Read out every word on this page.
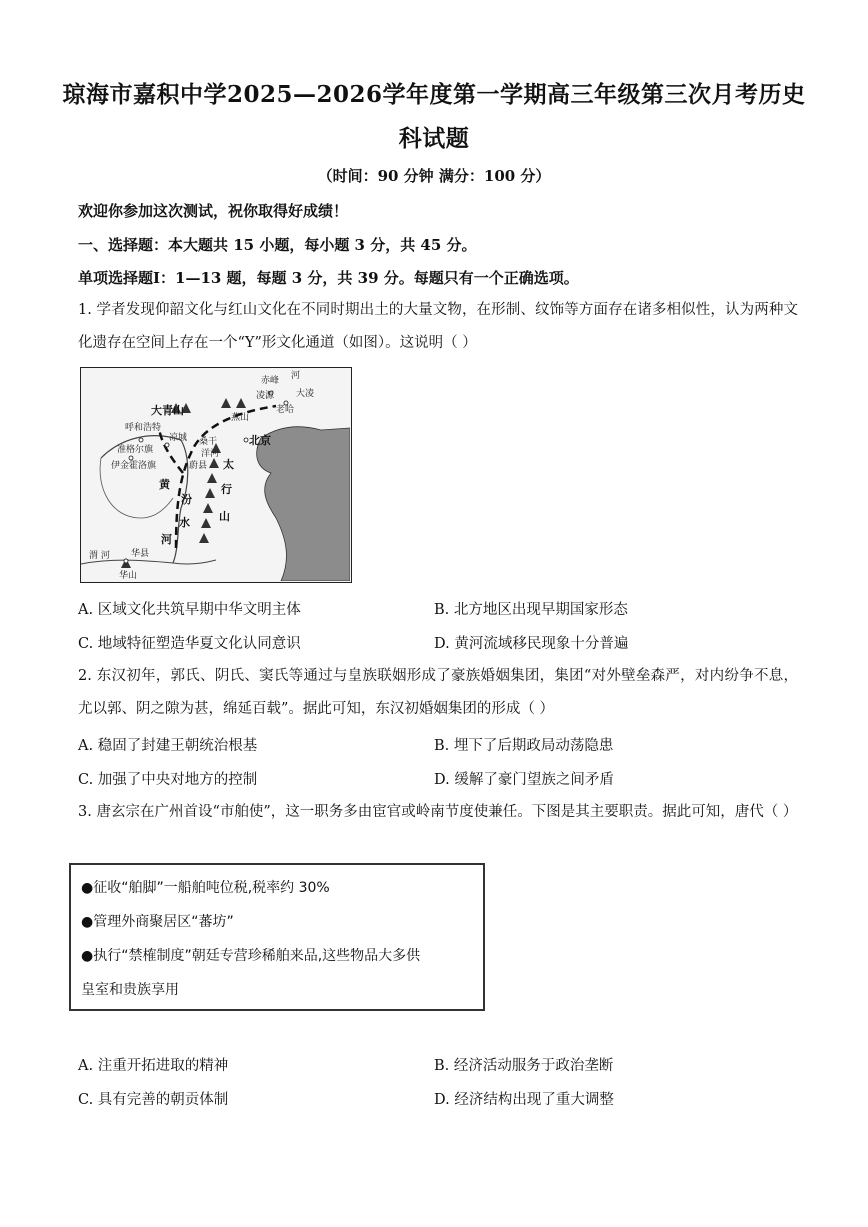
琼海市嘉积中学2025—2026学年度第一学期高三年级第三次月考历史
科试题
（时间：90 分钟 满分：100 分）
欢迎你参加这次测试，祝你取得好成绩！
一、选择题：本大题共 15 小题，每小题 3 分，共 45 分。
单项选择题Ⅰ：1—13 题，每题 3 分，共 39 分。每题只有一个正确选项。
1. 学者发现仰韶文化与红山文化在不同时期出土的大量文物，在形制、纹饰等方面存在诸多相似性，认为两种文化遗存在空间上存在一个“Y”形文化通道（如图）。这说明（ ）
大青山
呼和浩特
凉城
准格尔旗
伊金霍洛旗
北京
燕山
太
行
山
黄
河
汾
水
渭 河
华山
华县
凌源
赤峰 河
老哈
大凌
桑干
洋河
蔚县
A. 区域文化共筑早期中华文明主体	B. 北方地区出现早期国家形态
C. 地域特征塑造华夏文化认同意识	D. 黄河流域移民现象十分普遍
2. 东汉初年，郭氏、阴氏、窦氏等通过与皇族联姻形成了豪族婚姻集团，集团“对外壁垒森严，对内纷争不息，尤以郭、阴之隙为甚，绵延百载”。据此可知，东汉初婚姻集团的形成（ ）
A. 稳固了封建王朝统治根基	B. 埋下了后期政局动荡隐患
C. 加强了中央对地方的控制	D. 缓解了豪门望族之间矛盾
3. 唐玄宗在广州首设“市舶使”，这一职务多由宦官或岭南节度使兼任。下图是其主要职责。据此可知，唐代（ ）
●征收“舶脚”一船舶吨位税,税率约 30%
●管理外商聚居区“蕃坊”
●执行“禁榷制度”朝廷专营珍稀舶来品,这些物品大多供
皇室和贵族享用
A. 注重开拓进取的精神	B. 经济活动服务于政治垄断
C. 具有完善的朝贡体制	D. 经济结构出现了重大调整
